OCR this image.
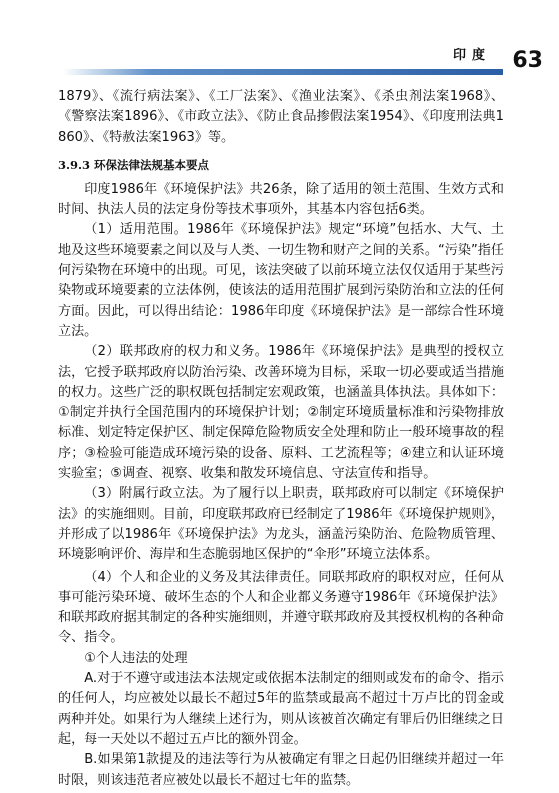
印度 63

1879》、《流行病法案》、《工厂法案》、《渔业法案》、《杀虫剂法案1968》、《警察法案1896》、《市政立法》、《防止食品掺假法案1954》、《印度刑法典1860》、《特赦法案1963》等。

3.9.3 环保法律法规基本要点

印度1986年《环境保护法》共26条，除了适用的领土范围、生效方式和时间、执法人员的法定身份等技术事项外，其基本内容包括6类。

（1）适用范围。1986年《环境保护法》规定“环境”包括水、大气、土地及这些环境要素之间以及与人类、一切生物和财产之间的关系。“污染”指任何污染物在环境中的出现。可见，该法突破了以前环境立法仅仅适用于某些污染物或环境要素的立法体例，使该法的适用范围扩展到污染防治和立法的任何方面。因此，可以得出结论：1986年印度《环境保护法》是一部综合性环境立法。

（2）联邦政府的权力和义务。1986年《环境保护法》是典型的授权立法，它授予联邦政府以防治污染、改善环境为目标，采取一切必要或适当措施的权力。这些广泛的职权既包括制定宏观政策，也涵盖具体执法。具体如下：①制定并执行全国范围内的环境保护计划；②制定环境质量标准和污染物排放标准、划定特定保护区、制定保障危险物质安全处理和防止一般环境事故的程序；③检验可能造成环境污染的设备、原料、工艺流程等；④建立和认证环境实验室；⑤调查、视察、收集和散发环境信息、守法宣传和指导。

（3）附属行政立法。为了履行以上职责，联邦政府可以制定《环境保护法》的实施细则。目前，印度联邦政府已经制定了1986年《环境保护规则》，并形成了以1986年《环境保护法》为龙头，涵盖污染防治、危险物质管理、环境影响评价、海岸和生态脆弱地区保护的“伞形”环境立法体系。

（4）个人和企业的义务及其法律责任。同联邦政府的职权对应，任何从事可能污染环境、破坏生态的个人和企业都义务遵守1986年《环境保护法》和联邦政府据其制定的各种实施细则，并遵守联邦政府及其授权机构的各种命令、指令。

①个人违法的处理

A.对于不遵守或违法本法规定或依据本法制定的细则或发布的命令、指示的任何人，均应被处以最长不超过5年的监禁或最高不超过十万卢比的罚金或两种并处。如果行为人继续上述行为，则从该被首次确定有罪后仍旧继续之日起，每一天处以不超过五卢比的额外罚金。

B.如果第1款提及的违法等行为从被确定有罪之日起仍旧继续并超过一年时限，则该违范者应被处以最长不超过七年的监禁。
